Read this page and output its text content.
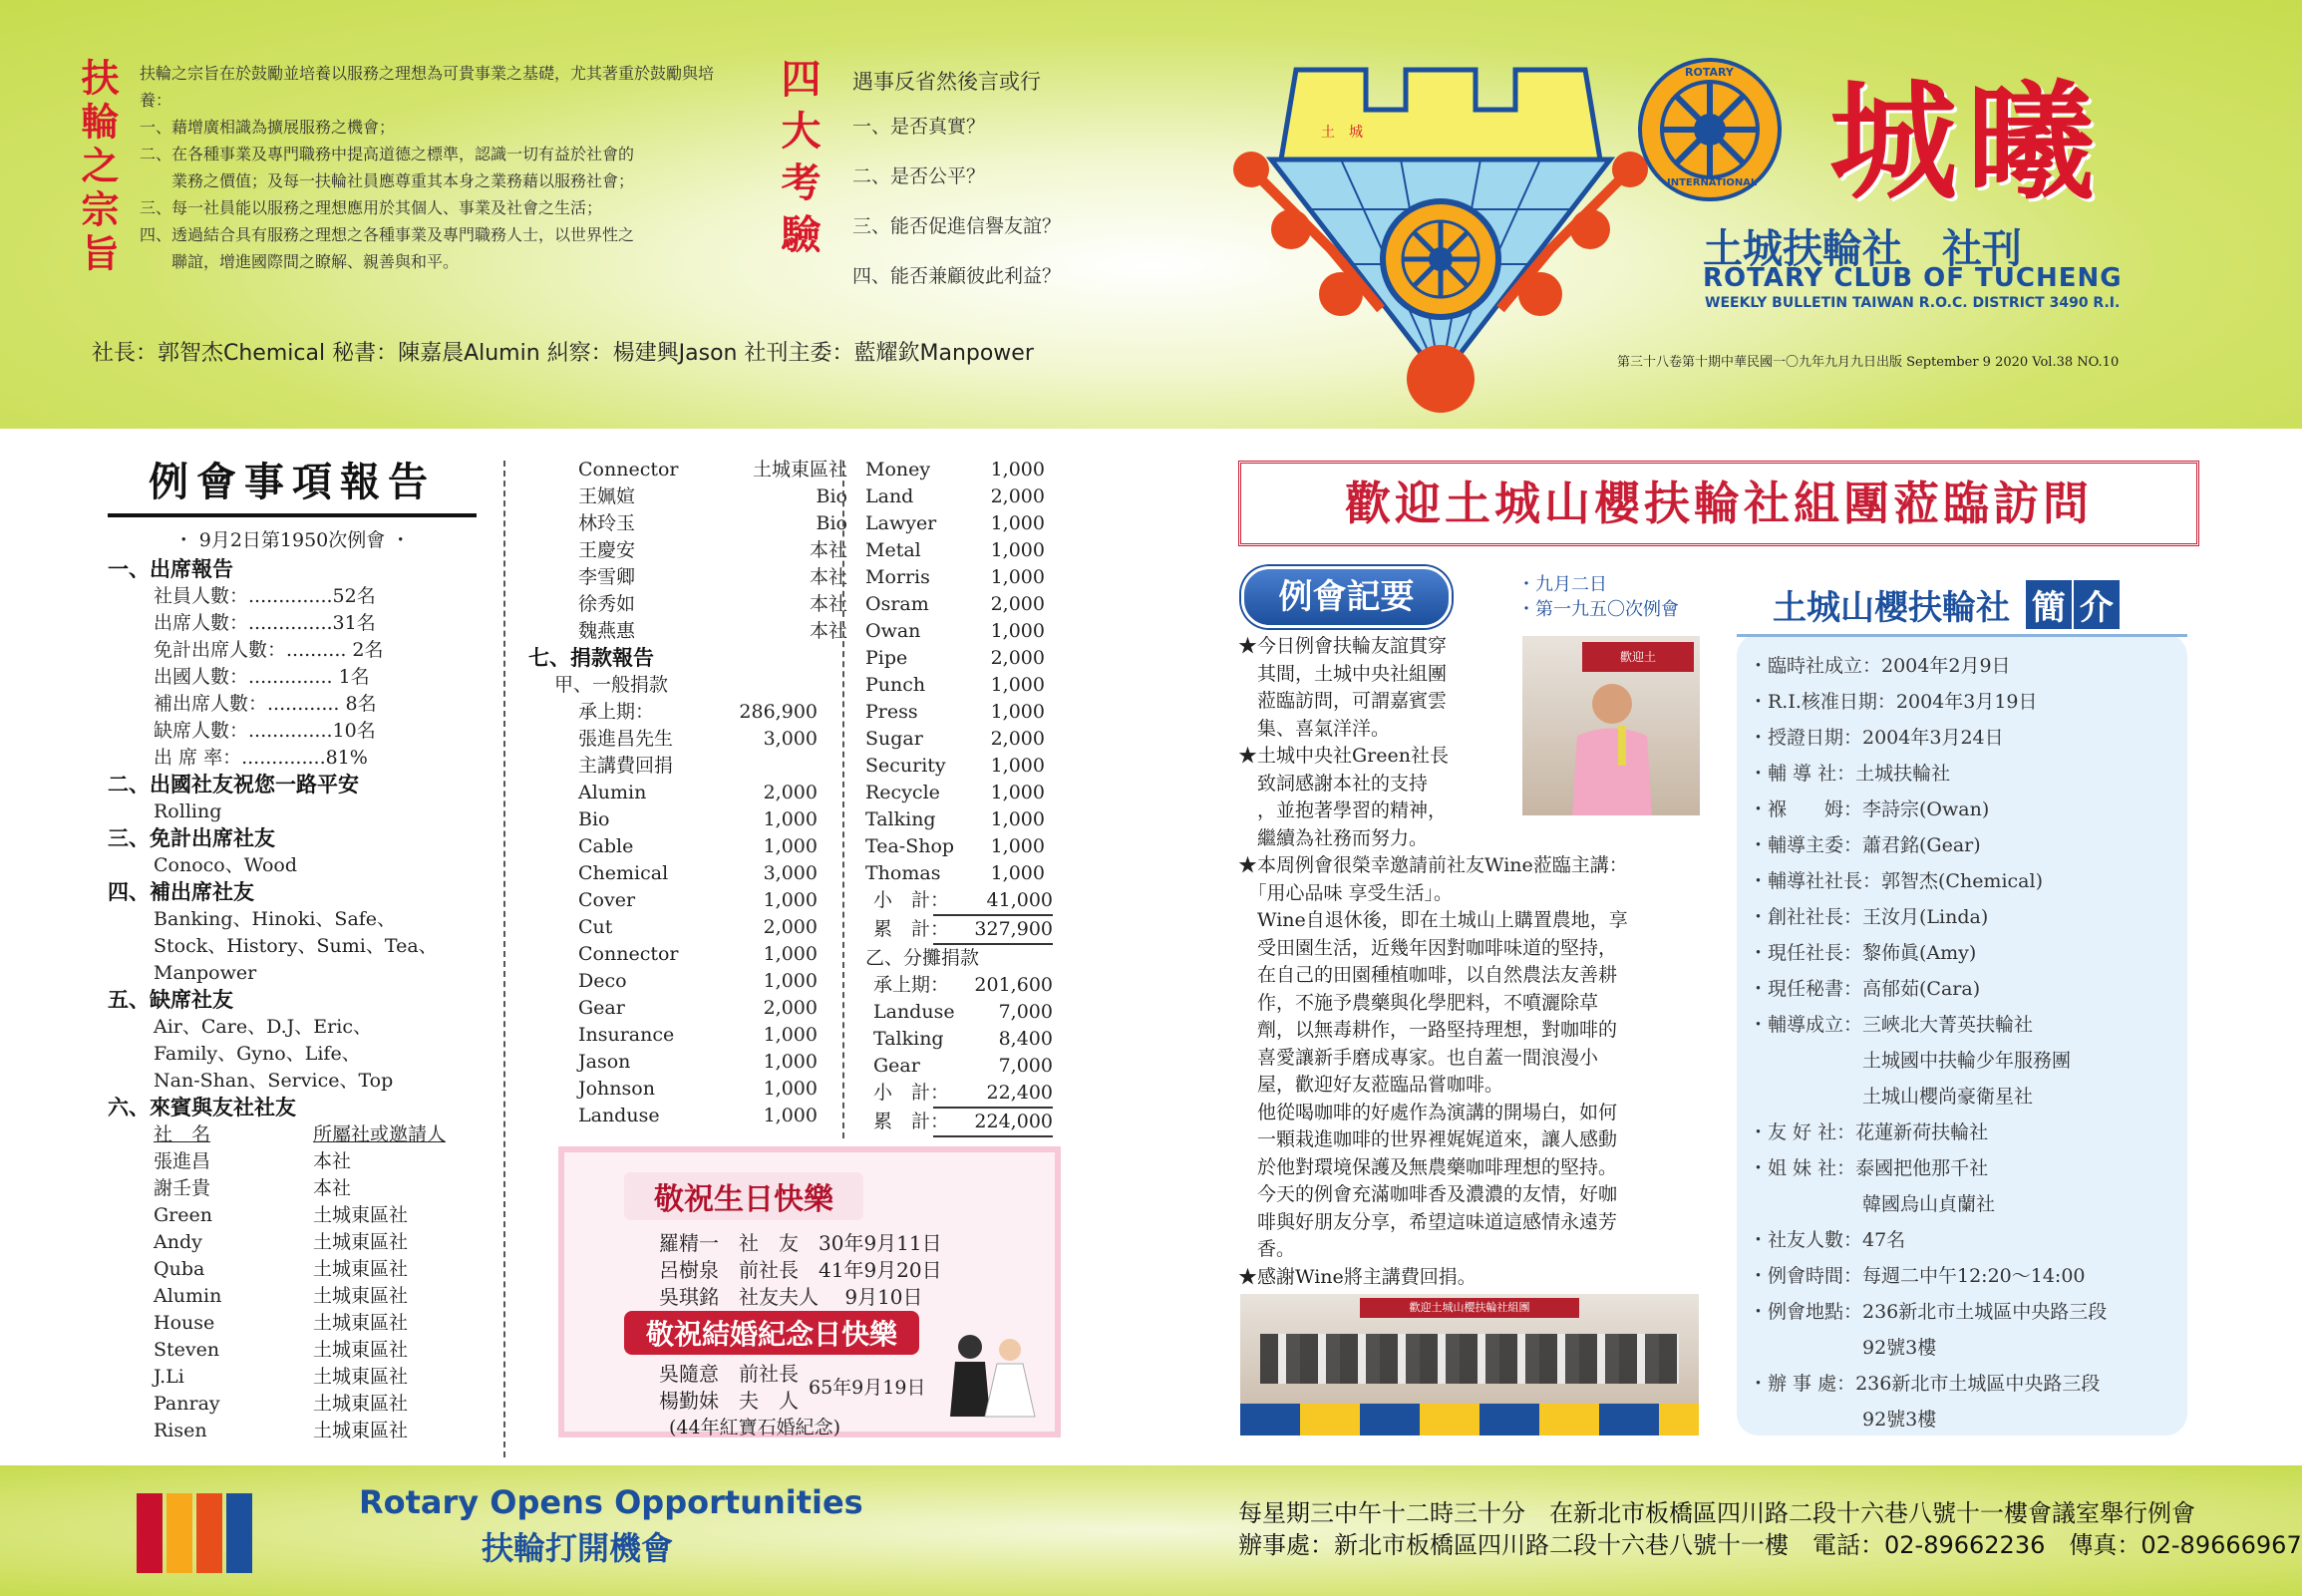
扶輪之宗旨	扶輪之宗旨在於鼓勵並培養以服務之理想為可貴事業之基礎，尤其著重於鼓勵與培養：
一、藉增廣相識為擴展服務之機會；
二、在各種事業及專門職務中提高道德之標準，認識一切有益於社會的
　　業務之價值；及每一扶輪社員應尊重其本身之業務藉以服務社會；
三、每一社員能以服務之理想應用於其個人、事業及社會之生活；
四、透過結合具有服務之理想之各種事業及專門職務人士，以世界性之
　　聯誼，增進國際間之瞭解、親善與和平。	四大考驗 遇事反省然後言或行
一、是否真實？
二、是否公平？
三、能否促進信譽友誼？
四、能否兼顧彼此利益？
社長：郭智杰Chemical 秘書：陳嘉晨Alumin 糾察：楊建興Jason 社刊主委：藍耀欽Manpower
土　城
ROTARY
INTERNATIONAL 城曦
土城扶輪社　社刊
ROTARY CLUB OF TUCHENG
WEEKLY BULLETIN TAIWAN R.O.C. DISTRICT 3490 R.I.
第三十八卷第十期中華民國一〇九年九月九日出版 September 9 2020 Vol.38 NO.10
例會事項報告
・ 9月2日第1950次例會 ・
一、出席報告
社員人數：..............52名
出席人數：..............31名
免計出席人數：.......... 2名
出國人數：.............. 1名
補出席人數：............ 8名
缺席人數：..............10名
出 席 率：..............81%
二、出國社友祝您一路平安
Rolling
三、免計出席社友
Conoco、Wood
四、補出席社友
Banking、Hinoki、Safe、
Stock、History、Sumi、Tea、
Manpower
五、缺席社友
Air、Care、D.J、Eric、
Family、Gyno、Life、
Nan-Shan、Service、Top
六、來賓與友社社友
社　名	所屬社或邀請人
張進昌	本社
謝壬貴	本社
Green	土城東區社
Andy	土城東區社
Quba	土城東區社
Alumin	土城東區社
House	土城東區社
Steven	土城東區社
J.Li	土城東區社
Panray	土城東區社
Risen	土城東區社
Connector	土城東區社
王姵媗	Bio
林玲玉	Bio
王慶安	本社
李雪卿	本社
徐秀如	本社
魏燕惠	本社
七、捐款報告
甲、一般捐款
承上期：	286,900
張進昌先生	3,000
主講費回捐
Alumin	2,000
Bio	1,000
Cable	1,000
Chemical	3,000
Cover	1,000
Cut	2,000
Connector	1,000
Deco	1,000
Gear	2,000
Insurance	1,000
Jason	1,000
Johnson	1,000
Landuse	1,000
Money	1,000
Land	2,000
Lawyer	1,000
Metal	1,000
Morris	1,000
Osram	2,000
Owan	1,000
Pipe	2,000
Punch	1,000
Press	1,000
Sugar	2,000
Security	1,000
Recycle	1,000
Talking	1,000
Tea-Shop	1,000
Thomas	1,000
小　計：	41,000
累　計：	327,900
乙、分攤捐款
承上期：	201,600
Landuse	7,000
Talking	8,400
Gear	7,000
小　計：	22,400
累　計：	224,000
敬祝生日快樂
羅精一　社　友　30年9月11日
呂樹泉　前社長　41年9月20日
吳琪銘　社友夫人　 9月10日
敬祝結婚紀念日快樂
吳隨意　前社長
楊勤妹　夫　人
65年9月19日
(44年紅寶石婚紀念)
歡迎土城山櫻扶輪社組團蒞臨訪問
例會記要	・九月二日
・第一九五〇次例會
★今日例會扶輪友誼貫穿
　其間，土城中央社組團
　蒞臨訪問，可謂嘉賓雲
　集、喜氣洋洋。
★土城中央社Green社長
　致詞感謝本社的支持
　，並抱著學習的精神，
　繼續為社務而努力。
★本周例會很榮幸邀請前社友Wine蒞臨主講：
　「用心品味 享受生活」。
　Wine自退休後，即在土城山上購置農地，享
　受田園生活，近幾年因對咖啡味道的堅持，
　在自己的田園種植咖啡，以自然農法友善耕
　作，不施予農藥與化學肥料，不噴灑除草
　劑，以無毒耕作，一路堅持理想，對咖啡的
　喜愛讓新手磨成專家。也自蓋一間浪漫小
　屋，歡迎好友蒞臨品嘗咖啡。
　他從喝咖啡的好處作為演講的開場白，如何
　一顆栽進咖啡的世界裡娓娓道來，讓人感動
　於他對環境保護及無農藥咖啡理想的堅持。
　今天的例會充滿咖啡香及濃濃的友情，好咖
　啡與好朋友分享，希望這味道這感情永遠芳
　香。
★感謝Wine將主講費回捐。
歡迎土
歡迎土城山櫻扶輪社組團
土城山櫻扶輪社 簡 介
・臨時社成立：2004年2月9日
・R.I.核准日期：2004年3月19日
・授證日期：2004年3月24日
・輔 導 社：土城扶輪社
・褓　　姆：李詩宗(Owan)
・輔導主委：蕭君銘(Gear)
・輔導社社長：郭智杰(Chemical)
・創社社長：王汝月(Linda)
・現任社長：黎佈眞(Amy)
・現任秘書：高郁茹(Cara)
・輔導成立：三峽北大菁英扶輪社
　　　　　　土城國中扶輪少年服務團
　　　　　　土城山櫻尚豪衛星社
・友 好 社：花蓮新荷扶輪社
・姐 妹 社：泰國把他那千社
　　　　　　韓國烏山貞蘭社
・社友人數：47名
・例會時間：每週二中午12:20～14:00
・例會地點：236新北市土城區中央路三段
　　　　　　92號3樓
・辦 事 處：236新北市土城區中央路三段
　　　　　　92號3樓
Rotary Opens Opportunities
扶輪打開機會
每星期三中午十二時三十分　在新北市板橋區四川路二段十六巷八號十一樓會議室舉行例會
辦事處：新北市板橋區四川路二段十六巷八號十一樓　電話：02-89662236　傳真：02-89666967
